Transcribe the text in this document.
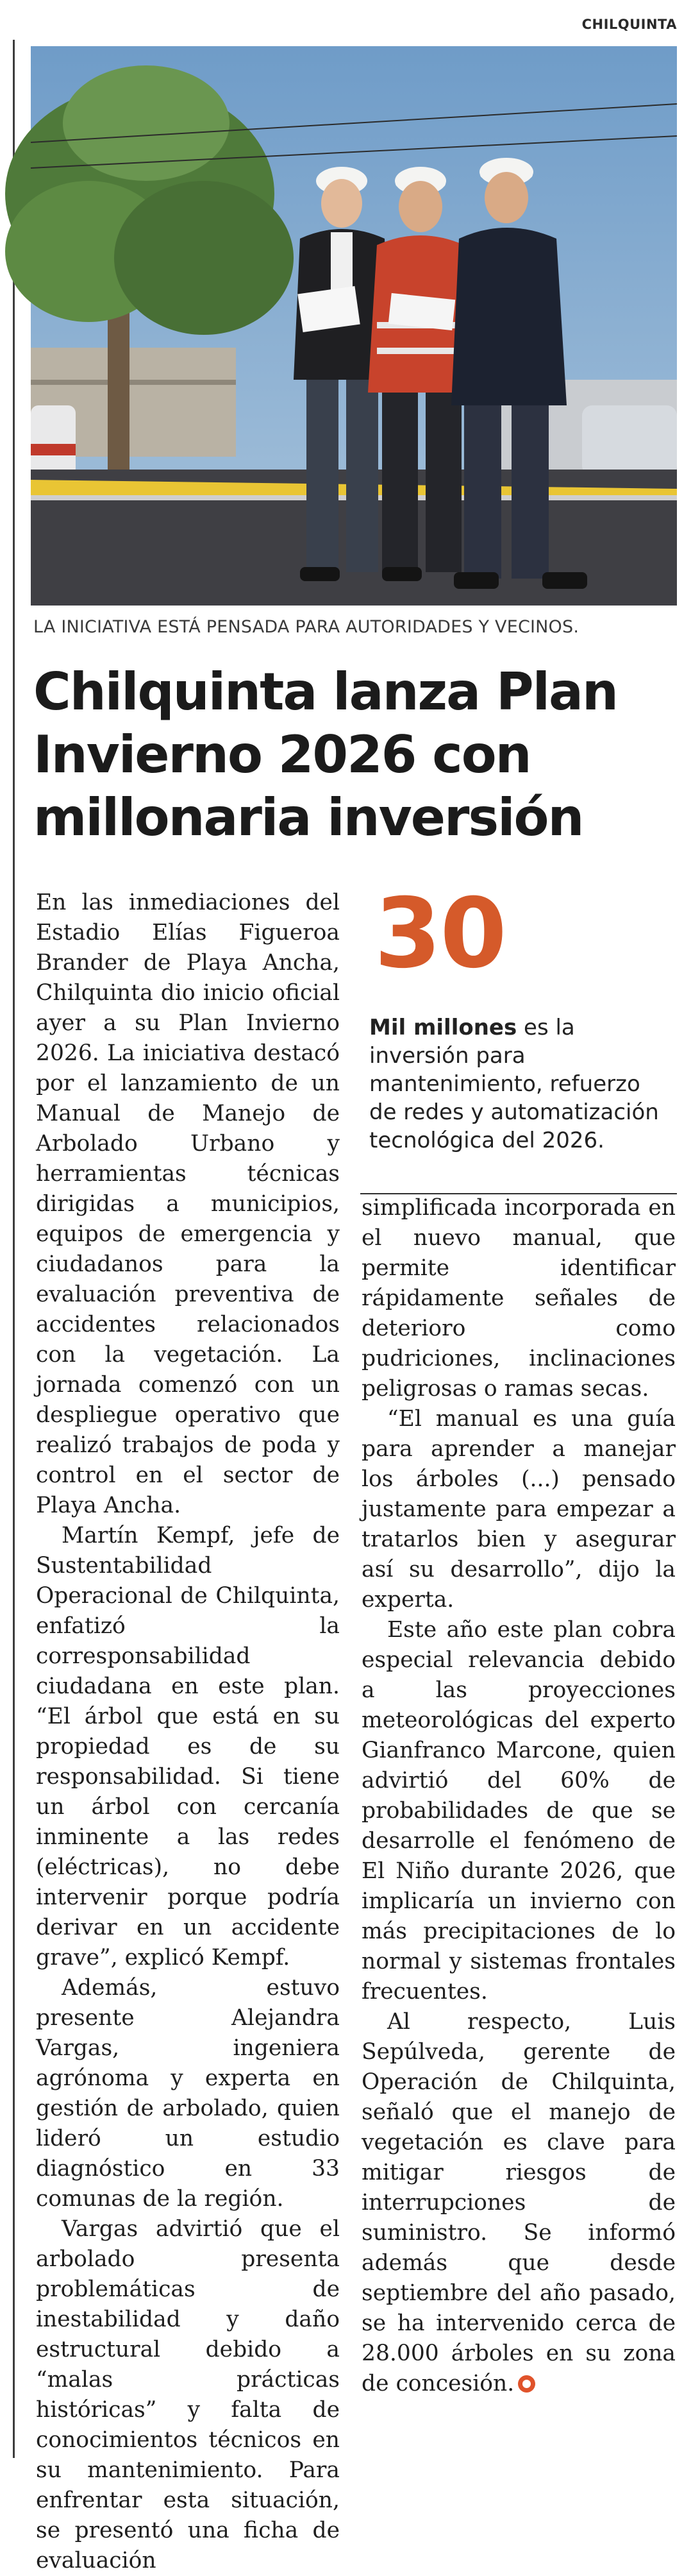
CHILQUINTA
LA INICIATIVA ESTÁ PENSADA PARA AUTORIDADES Y VECINOS.
Chilquinta lanza Plan Invierno 2026 con millonaria inversión
30
Mil millones es la inversión para mantenimiento, refuerzo de redes y automatización tecnológica del 2026.

En las inmediaciones del Estadio Elías Figueroa Brander de Playa Ancha, Chilquinta dio inicio oficial ayer a su Plan Invierno 2026. La iniciativa destacó por el lanzamiento de un Manual de Manejo de Arbolado Urbano y herramientas técnicas dirigidas a municipios, equipos de emergencia y ciudadanos para la evaluación preventiva de accidentes relacionados con la vegetación. La jornada comenzó con un despliegue operativo que realizó trabajos de poda y control en el sector de Playa Ancha.

Martín Kempf, jefe de Sustentabilidad Operacional de Chilquinta, enfatizó la corresponsabilidad ciudadana en este plan. “El árbol que está en su propiedad es de su responsabilidad. Si tiene un árbol con cercanía inminente a las redes (eléctricas), no debe intervenir porque podría derivar en un accidente grave”, explicó Kempf.

Además, estuvo presente Alejandra Vargas, ingeniera agrónoma y experta en gestión de arbolado, quien lideró un estudio diagnóstico en 33 comunas de la región.

Vargas advirtió que el arbolado presenta problemáticas de inestabilidad y daño estructural debido a “malas prácticas históricas” y falta de conocimientos técnicos en su mantenimiento. Para enfrentar esta situación, se presentó una ficha de evaluación

simplificada incorporada en el nuevo manual, que permite identificar rápidamente señales de deterioro como pudriciones, inclinaciones peligrosas o ramas secas.

“El manual es una guía para aprender a manejar los árboles (...) pensado justamente para empezar a tratarlos bien y asegurar así su desarrollo”, dijo la experta.

Este año este plan cobra especial relevancia debido a las proyecciones meteorológicas del experto Gianfranco Marcone, quien advirtió del 60% de probabilidades de que se desarrolle el fenómeno de El Niño durante 2026, que implicaría un invierno con más precipitaciones de lo normal y sistemas frontales frecuentes.

Al respecto, Luis Sepúlveda, gerente de Operación de Chilquinta, señaló que el manejo de vegetación es clave para mitigar riesgos de interrupciones de suministro. Se informó además que desde septiembre del año pasado, se ha intervenido cerca de 28.000 árboles en su zona de concesión.
